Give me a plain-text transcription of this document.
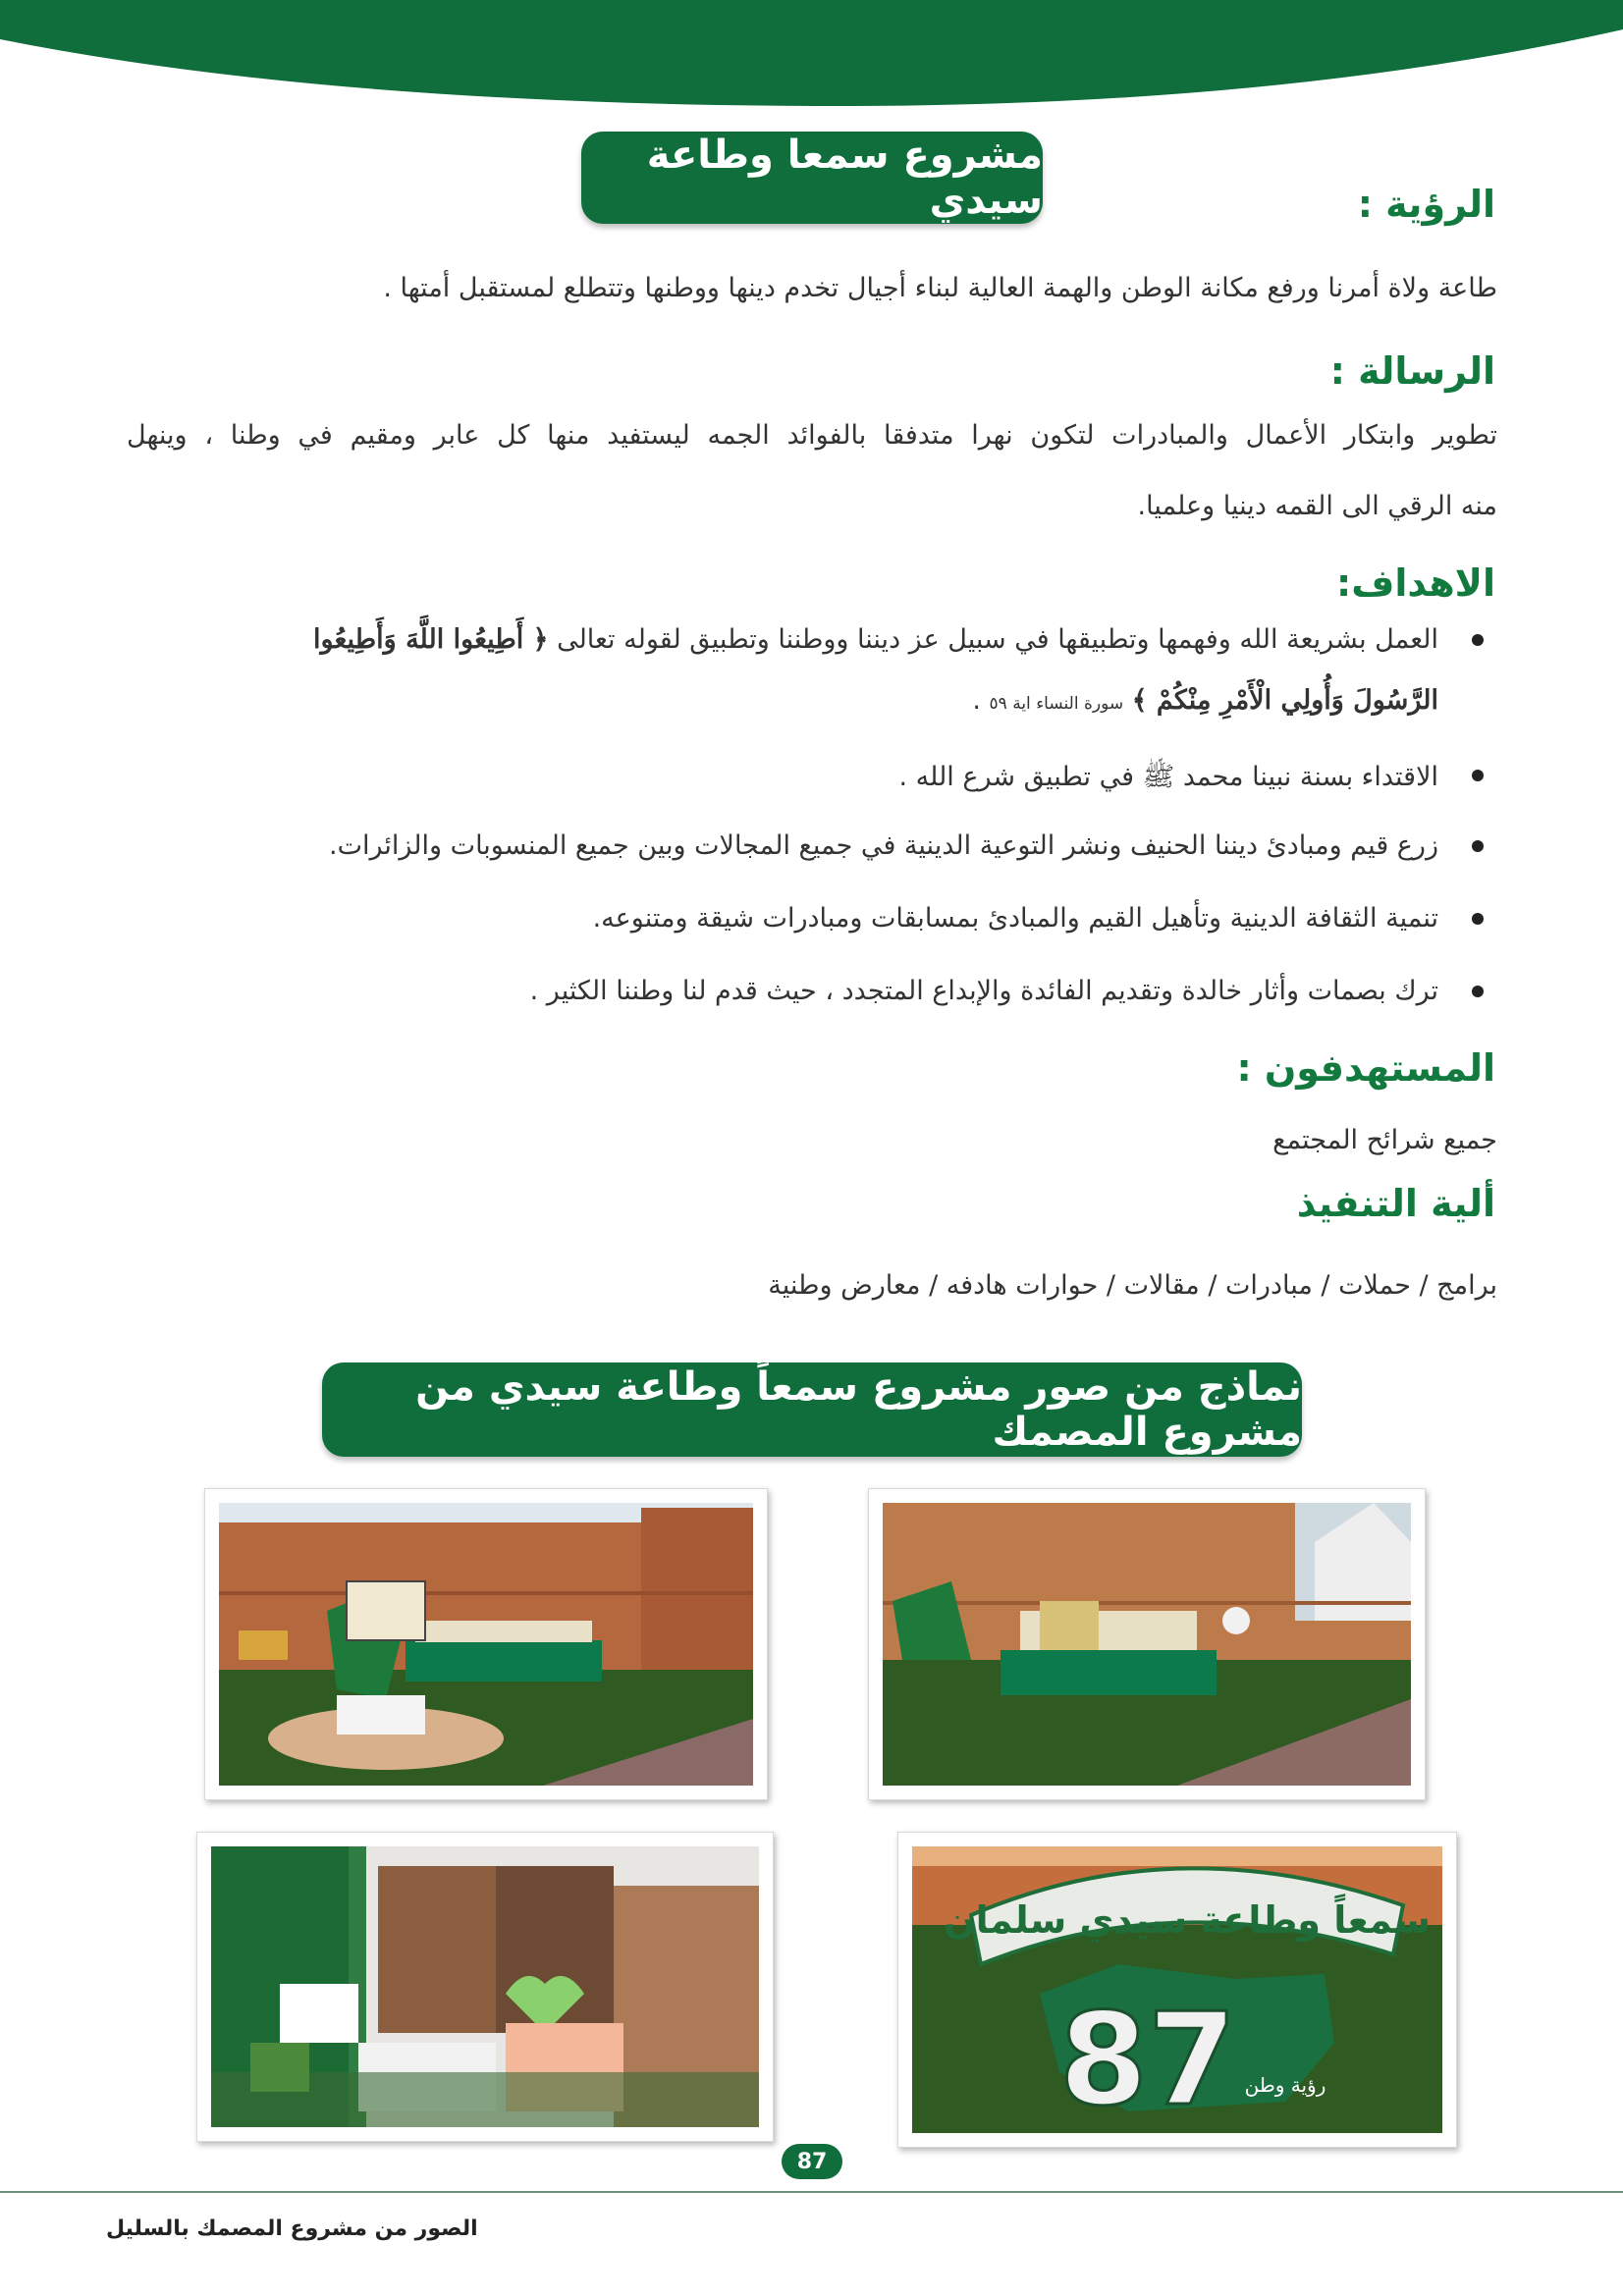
مشروع سمعا وطاعة سيدي	الرؤية :
طاعة ولاة أمرنا ورفع مكانة الوطن والهمة العالية لبناء أجيال تخدم دينها ووطنها وتتطلع لمستقبل أمتها .
الرسالة :
تطوير وابتكار الأعمال والمبادرات لتكون نهرا متدفقا بالفوائد الجمه ليستفيد منها كل عابر ومقيم في وطنا ، وينهل
منه الرقي الى القمه دينيا وعلميا.
الاهداف:
العمل بشريعة الله وفهمها وتطبيقها في سبيل عز ديننا ووطننا وتطبيق لقوله تعالى ﴿ أَطِيعُوا اللَّهَ وَأَطِيعُوا
الرَّسُولَ وَأُولِي الْأَمْرِ مِنْكُمْ ﴾ سورة النساء اية ٥٩ .
الاقتداء بسنة نبينا محمد ﷺ في تطبيق شرع الله .
زرع قيم ومبادئ ديننا الحنيف ونشر التوعية الدينية في جميع المجالات وبين جميع المنسوبات والزائرات.
تنمية الثقافة الدينية وتأهيل القيم والمبادئ بمسابقات ومبادرات شيقة ومتنوعه.
ترك بصمات وأثار خالدة وتقديم الفائدة والإبداع المتجدد ، حيث قدم لنا وطننا الكثير .
المستهدفون :
جميع شرائح المجتمع
ألية التنفيذ
برامج / حملات / مبادرات / مقالات / حوارات هادفه / معارض وطنية
نماذج من صور مشروع سمعاً وطاعة سيدي من مشروع المصمك
سمعاً وطاعة سيدي سلمان
87 رؤية وطن
87
الصور من مشروع المصمك بالسليل
